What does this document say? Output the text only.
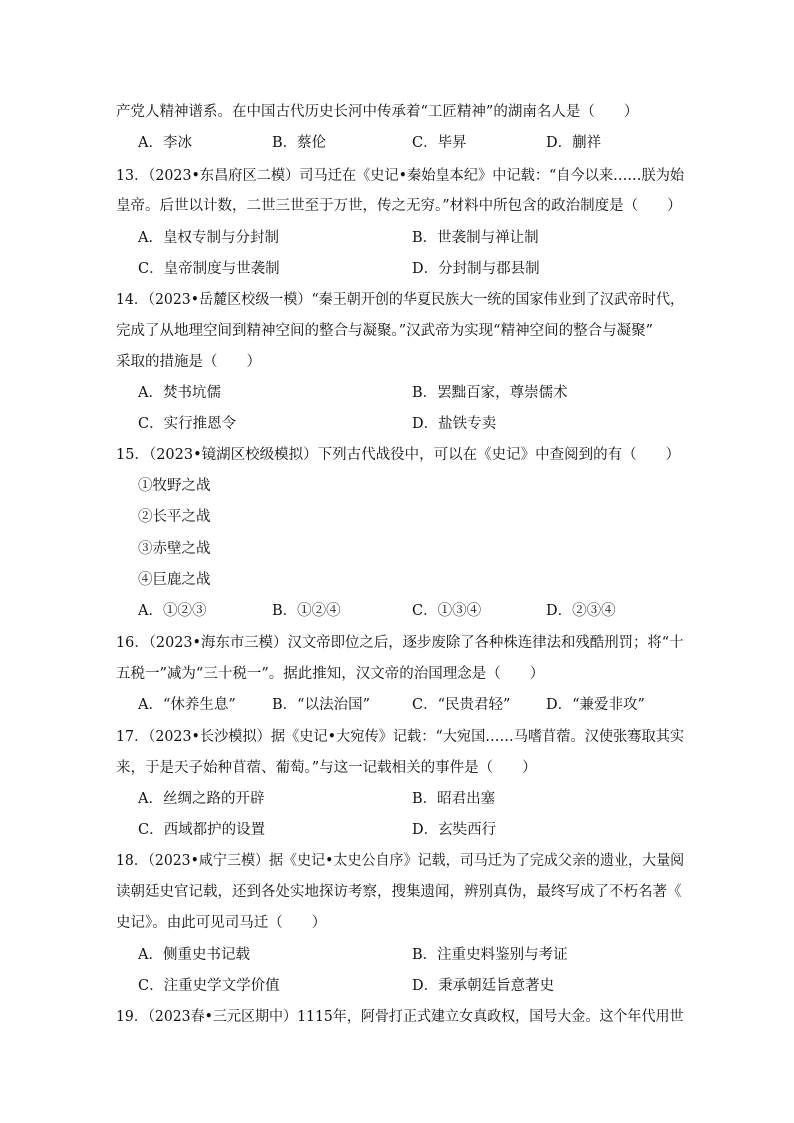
产党人精神谱系。在中国古代历史长河中传承着“工匠精神”的湖南名人是（　　）
A．李冰	B．蔡伦	C．毕昇	D．蒯祥
13．（2023•东昌府区二模）司马迁在《史记•秦始皇本纪》中记载：“自今以来……朕为始
皇帝。后世以计数，二世三世至于万世，传之无穷。”材料中所包含的政治制度是（　　）
A．皇权专制与分封制	B．世袭制与禅让制
C．皇帝制度与世袭制	D．分封制与郡县制
14．（2023•岳麓区校级一模）“秦王朝开创的华夏民族大一统的国家伟业到了汉武帝时代，
完成了从地理空间到精神空间的整合与凝聚。”汉武帝为实现“精神空间的整合与凝聚”
采取的措施是（　　）
A．焚书坑儒	B．罢黜百家，尊崇儒术
C．实行推恩令	D．盐铁专卖
15．（2023•镜湖区校级模拟）下列古代战役中，可以在《史记》中查阅到的有（　　）
①牧野之战
②长平之战
③赤壁之战
④巨鹿之战
A．①②③	B．①②④	C．①③④	D．②③④
16．（2023•海东市三模）汉文帝即位之后，逐步废除了各种株连律法和残酷刑罚；将“十
五税一”减为“三十税一”。据此推知，汉文帝的治国理念是（　　）
A．“休养生息” B．“以法治国”	C．“民贵君轻” D．“兼爱非攻”
17．（2023•长沙模拟）据《史记•大宛传》记载：“大宛国……马嗜苜蓿。汉使张骞取其实
来，于是天子始种苜蓿、葡萄。”与这一记载相关的事件是（　　）
A．丝绸之路的开辟	B．昭君出塞
C．西域都护的设置	D．玄奘西行
18．（2023•咸宁三模）据《史记•太史公自序》记载，司马迁为了完成父亲的遗业，大量阅
读朝廷史官记载，还到各处实地探访考察，搜集遗闻，辨别真伪，最终写成了不朽名著《
史记》。由此可见司马迁（　　）
A．侧重史书记载	B．注重史料鉴别与考证
C．注重史学文学价值	D．秉承朝廷旨意著史
19．（2023春•三元区期中）1115年，阿骨打正式建立女真政权，国号大金。这个年代用世
